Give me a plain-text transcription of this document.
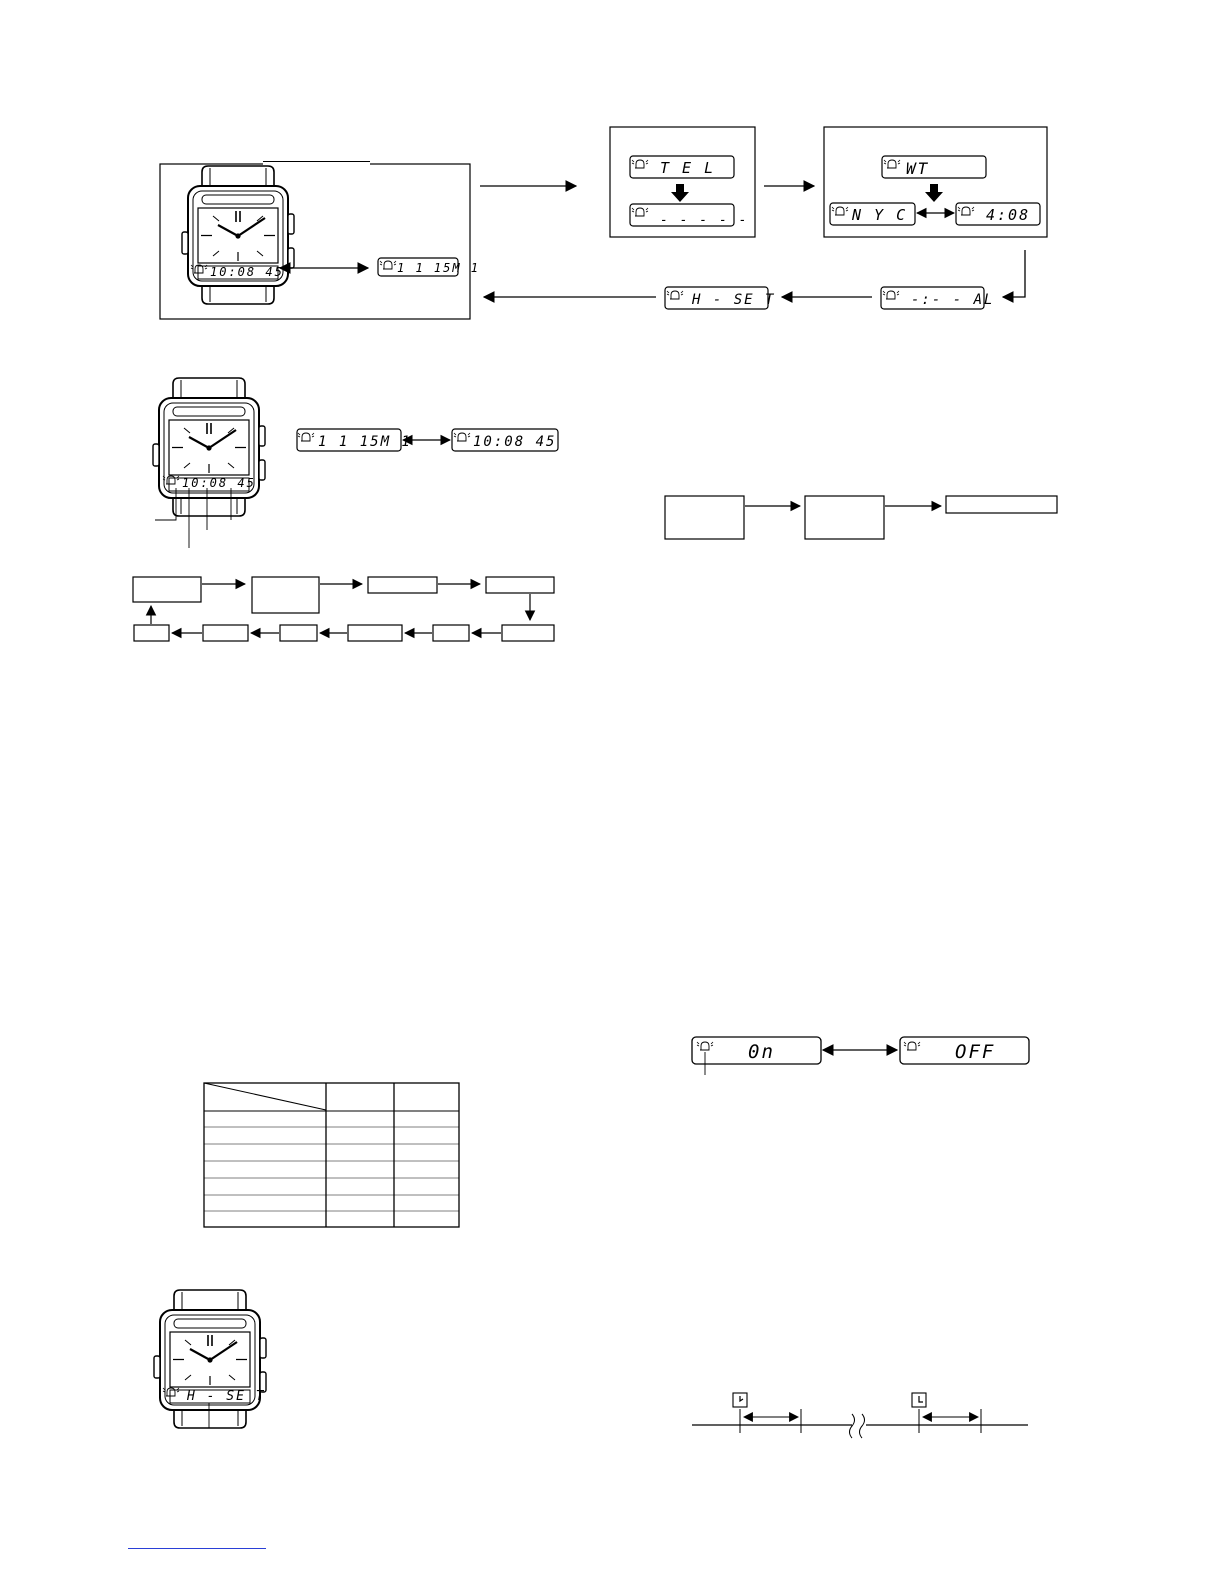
10:08 45	1 1 15M 1
T E L
- - - - -
WT
N Y C	4:08
-:- - AL
H - SE T
10:08 45
1 1 15M 1	10:08 45
0n	OFF
H - SE T
